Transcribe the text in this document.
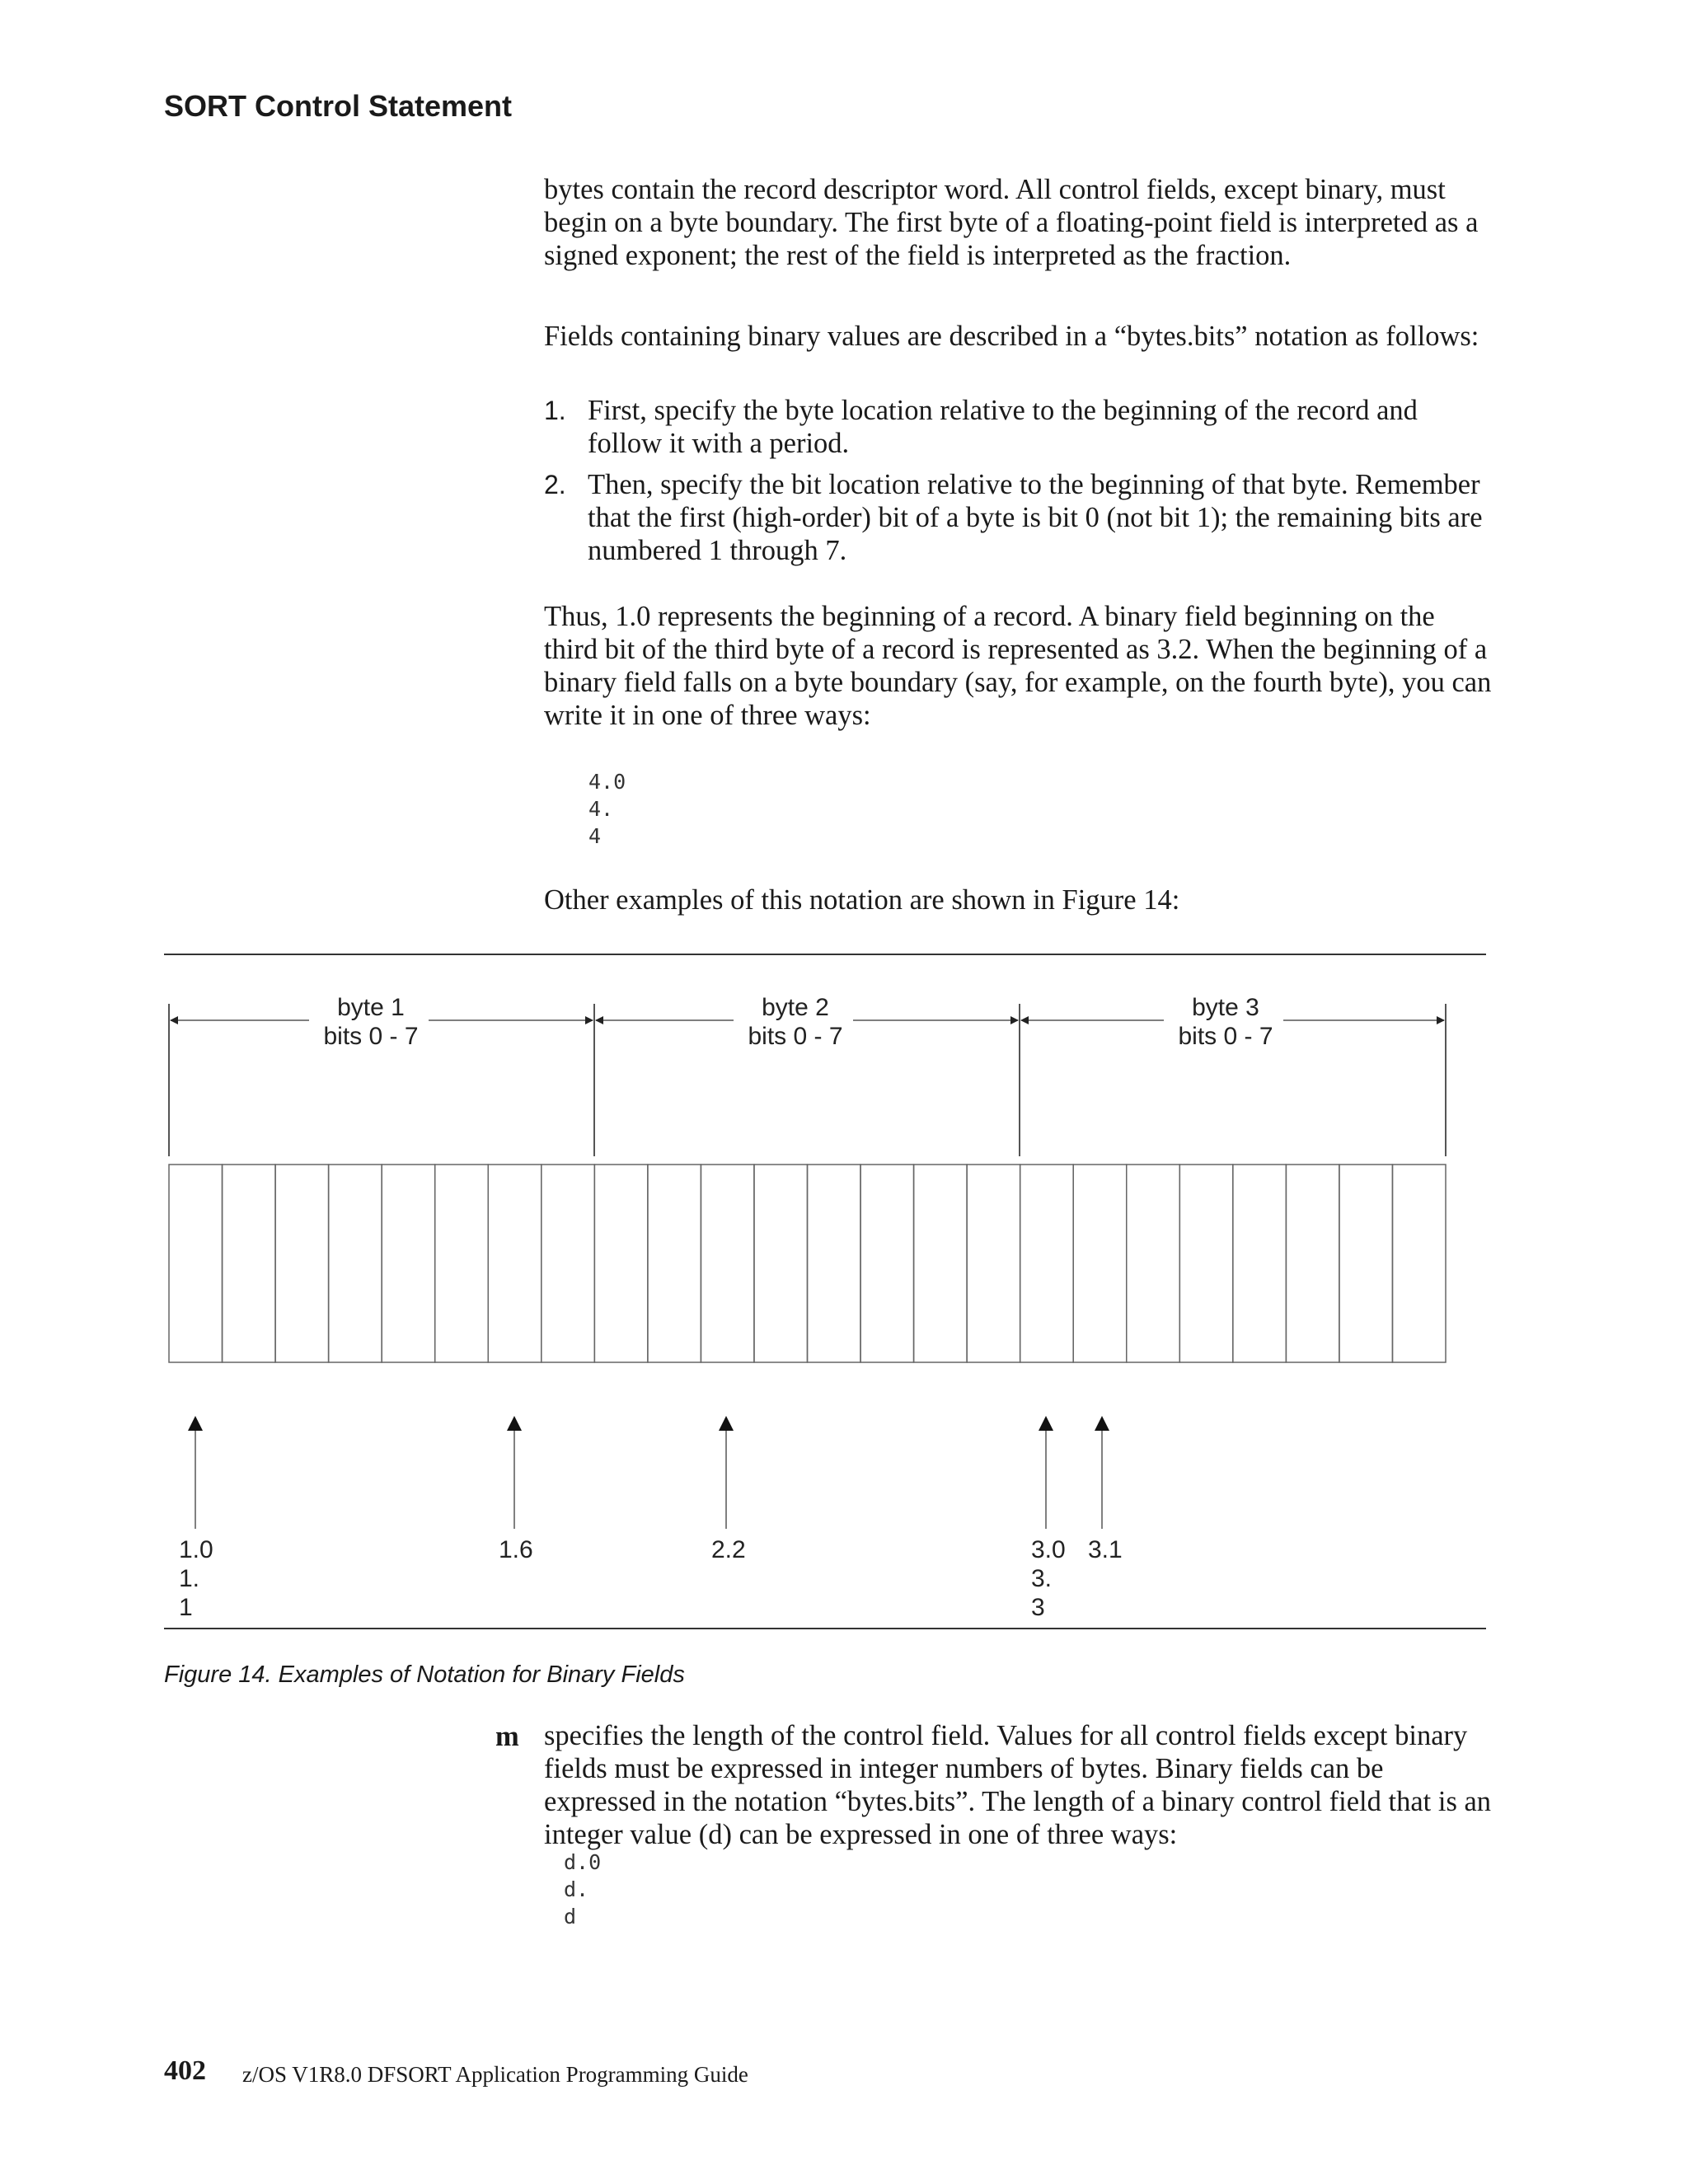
SORT Control Statement

bytes contain the record descriptor word. All control fields, except binary, must begin on a byte boundary. The first byte of a floating-point field is interpreted as a signed exponent; the rest of the field is interpreted as the fraction.

Fields containing binary values are described in a “bytes.bits” notation as follows:

1. First, specify the byte location relative to the beginning of the record and follow it with a period.
2. Then, specify the bit location relative to the beginning of that byte. Remember that the first (high-order) bit of a byte is bit 0 (not bit 1); the remaining bits are numbered 1 through 7.

Thus, 1.0 represents the beginning of a record. A binary field beginning on the third bit of the third byte of a record is represented as 3.2. When the beginning of a binary field falls on a byte boundary (say, for example, on the fourth byte), you can write it in one of three ways:

4.0
4.
4

Other examples of this notation are shown in Figure 14:

byte 1
bits 0 - 7
byte 2
bits 0 - 7
byte 3
bits 0 - 7
1.0
1.
1
1.6	2.2	3.0
3.
3
3.1
Figure 14. Examples of Notation for Binary Fields
m specifies the length of the control field. Values for all control fields except binary fields must be expressed in integer numbers of bytes. Binary fields can be expressed in the notation “bytes.bits”. The length of a binary control field that is an integer value (d) can be expressed in one of three ways:

d.0
d.
d
402 z/OS V1R8.0 DFSORT Application Programming Guide
